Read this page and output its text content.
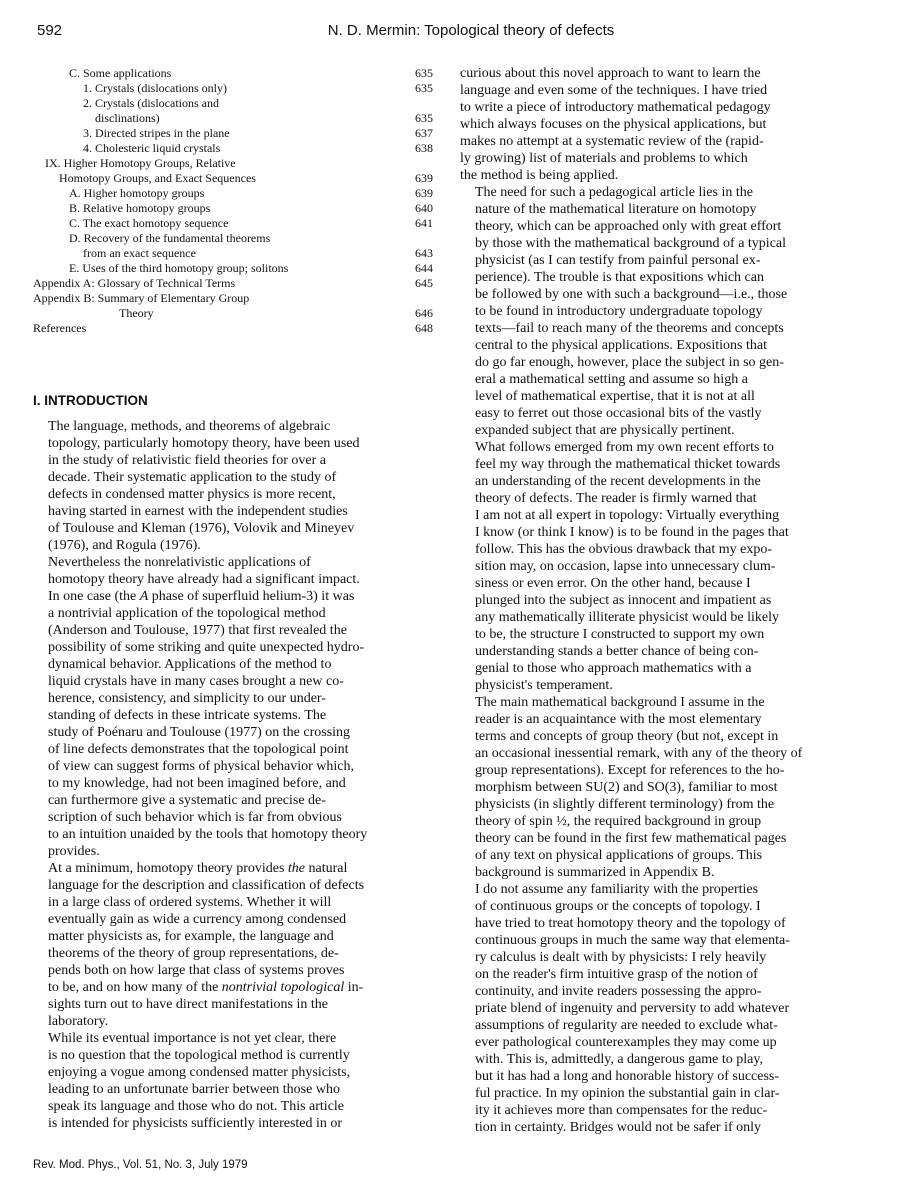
592	N. D. Mermin: Topological theory of defects
C. Some applications	635
1. Crystals (dislocations only)	635
2. Crystals (dislocations and
disclinations)	635
3. Directed stripes in the plane	637
4. Cholesteric liquid crystals	638
IX. Higher Homotopy Groups, Relative
Homotopy Groups, and Exact Sequences	639
A. Higher homotopy groups	639
B. Relative homotopy groups	640
C. The exact homotopy sequence	641
D. Recovery of the fundamental theorems
from an exact sequence	643
E. Uses of the third homotopy group; solitons	644
Appendix A: Glossary of Technical Terms	645
Appendix B: Summary of Elementary Group
Theory	646
References	648
I. INTRODUCTION

The language, methods, and theorems of algebraic
topology, particularly homotopy theory, have been used
in the study of relativistic field theories for over a
decade. Their systematic application to the study of
defects in condensed matter physics is more recent,
having started in earnest with the independent studies
of Toulouse and Kleman (1976), Volovik and Mineyev
(1976), and Rogula (1976).

Nevertheless the nonrelativistic applications of
homotopy theory have already had a significant impact.
In one case (the A phase of superfluid helium-3) it was
a nontrivial application of the topological method
(Anderson and Toulouse, 1977) that first revealed the
possibility of some striking and quite unexpected hydro-
dynamical behavior. Applications of the method to
liquid crystals have in many cases brought a new co-
herence, consistency, and simplicity to our under-
standing of defects in these intricate systems. The
study of Poénaru and Toulouse (1977) on the crossing
of line defects demonstrates that the topological point
of view can suggest forms of physical behavior which,
to my knowledge, had not been imagined before, and
can furthermore give a systematic and precise de-
scription of such behavior which is far from obvious
to an intuition unaided by the tools that homotopy theory
provides.

At a minimum, homotopy theory provides the natural
language for the description and classification of defects
in a large class of ordered systems. Whether it will
eventually gain as wide a currency among condensed
matter physicists as, for example, the language and
theorems of the theory of group representations, de-
pends both on how large that class of systems proves
to be, and on how many of the nontrivial topological in-
sights turn out to have direct manifestations in the
laboratory.

While its eventual importance is not yet clear, there
is no question that the topological method is currently
enjoying a vogue among condensed matter physicists,
leading to an unfortunate barrier between those who
speak its language and those who do not. This article
is intended for physicists sufficiently interested in or

curious about this novel approach to want to learn the
language and even some of the techniques. I have tried
to write a piece of introductory mathematical pedagogy
which always focuses on the physical applications, but
makes no attempt at a systematic review of the (rapid-
ly growing) list of materials and problems to which
the method is being applied.

The need for such a pedagogical article lies in the
nature of the mathematical literature on homotopy
theory, which can be approached only with great effort
by those with the mathematical background of a typical
physicist (as I can testify from painful personal ex-
perience). The trouble is that expositions which can
be followed by one with such a background—i.e., those
to be found in introductory undergraduate topology
texts—fail to reach many of the theorems and concepts
central to the physical applications. Expositions that
do go far enough, however, place the subject in so gen-
eral a mathematical setting and assume so high a
level of mathematical expertise, that it is not at all
easy to ferret out those occasional bits of the vastly
expanded subject that are physically pertinent.

What follows emerged from my own recent efforts to
feel my way through the mathematical thicket towards
an understanding of the recent developments in the
theory of defects. The reader is firmly warned that
I am not at all expert in topology: Virtually everything
I know (or think I know) is to be found in the pages that
follow. This has the obvious drawback that my expo-
sition may, on occasion, lapse into unnecessary clum-
siness or even error. On the other hand, because I
plunged into the subject as innocent and impatient as
any mathematically illiterate physicist would be likely
to be, the structure I constructed to support my own
understanding stands a better chance of being con-
genial to those who approach mathematics with a
physicist's temperament.

The main mathematical background I assume in the
reader is an acquaintance with the most elementary
terms and concepts of group theory (but not, except in
an occasional inessential remark, with any of the theory of
group representations). Except for references to the ho-
morphism between SU(2) and SO(3), familiar to most
physicists (in slightly different terminology) from the
theory of spin ½, the required background in group
theory can be found in the first few mathematical pages
of any text on physical applications of groups. This
background is summarized in Appendix B.

I do not assume any familiarity with the properties
of continuous groups or the concepts of topology. I
have tried to treat homotopy theory and the topology of
continuous groups in much the same way that elementa-
ry calculus is dealt with by physicists: I rely heavily
on the reader's firm intuitive grasp of the notion of
continuity, and invite readers possessing the appro-
priate blend of ingenuity and perversity to add whatever
assumptions of regularity are needed to exclude what-
ever pathological counterexamples they may come up
with. This is, admittedly, a dangerous game to play,
but it has had a long and honorable history of success-
ful practice. In my opinion the substantial gain in clar-
ity it achieves more than compensates for the reduc-
tion in certainty. Bridges would not be safer if only

Rev. Mod. Phys., Vol. 51, No. 3, July 1979
